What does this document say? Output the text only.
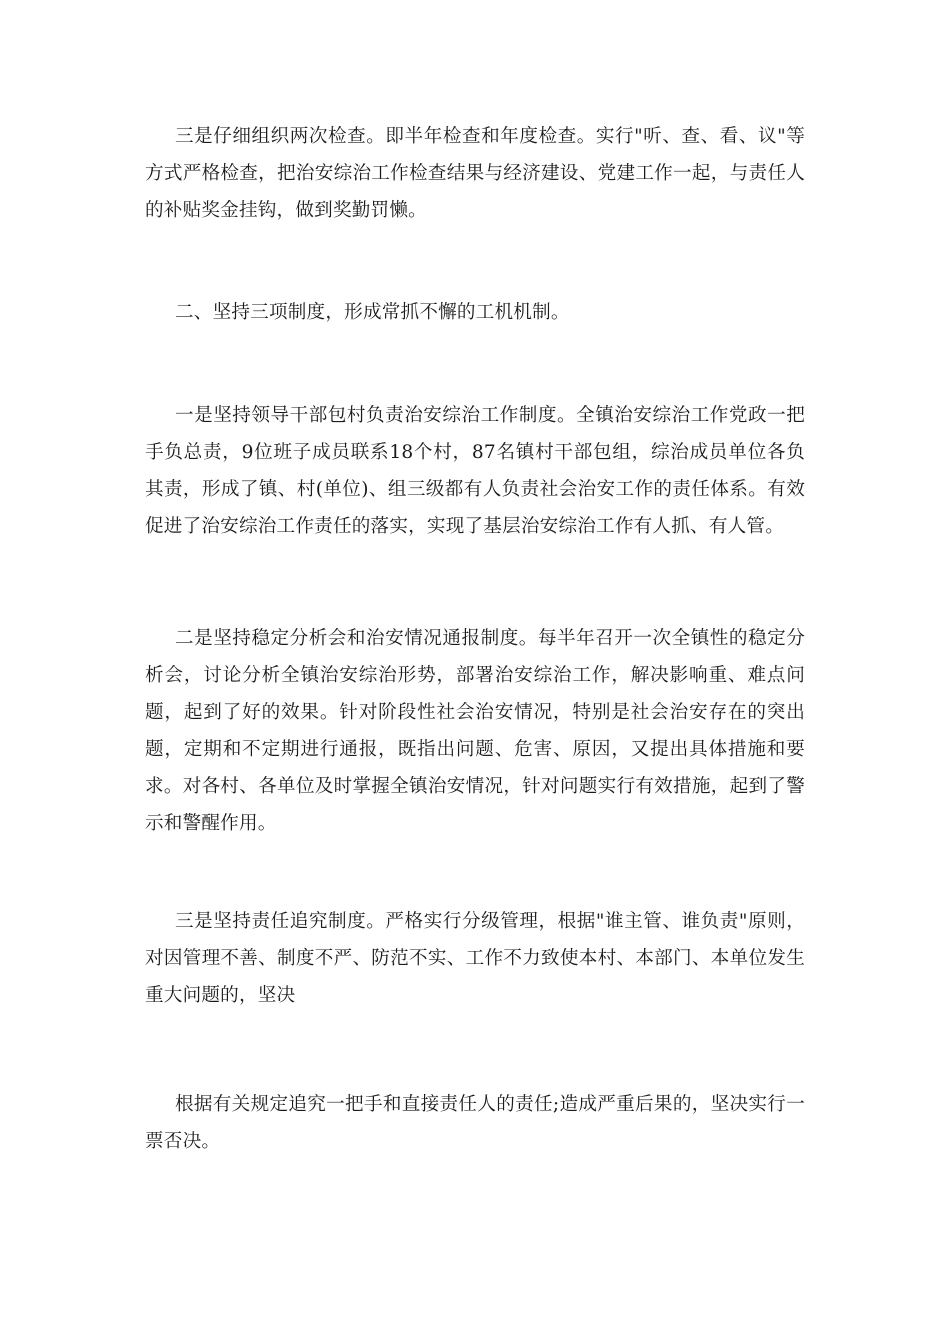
三是仔细组织两次检查。即半年检查和年度检查。实行"听、查、看、议"等方式严格检查，把治安综治工作检查结果与经济建设、党建工作一起，与责任人的补贴奖金挂钩，做到奖勤罚懒。

二、坚持三项制度，形成常抓不懈的工机机制。

一是坚持领导干部包村负责治安综治工作制度。全镇治安综治工作党政一把手负总责，9位班子成员联系18个村，87名镇村干部包组，综治成员单位各负其责，形成了镇、村(单位)、组三级都有人负责社会治安工作的责任体系。有效促进了治安综治工作责任的落实，实现了基层治安综治工作有人抓、有人管。

二是坚持稳定分析会和治安情况通报制度。每半年召开一次全镇性的稳定分析会，讨论分析全镇治安综治形势，部署治安综治工作，解决影响重、难点问题，起到了好的效果。针对阶段性社会治安情况，特别是社会治安存在的突出题，定期和不定期进行通报，既指出问题、危害、原因，又提出具体措施和要求。对各村、各单位及时掌握全镇治安情况，针对问题实行有效措施，起到了警示和警醒作用。

三是坚持责任追究制度。严格实行分级管理，根据"谁主管、谁负责"原则，对因管理不善、制度不严、防范不实、工作不力致使本村、本部门、本单位发生重大问题的，坚决

根据有关规定追究一把手和直接责任人的责任;造成严重后果的，坚决实行一票否决。
